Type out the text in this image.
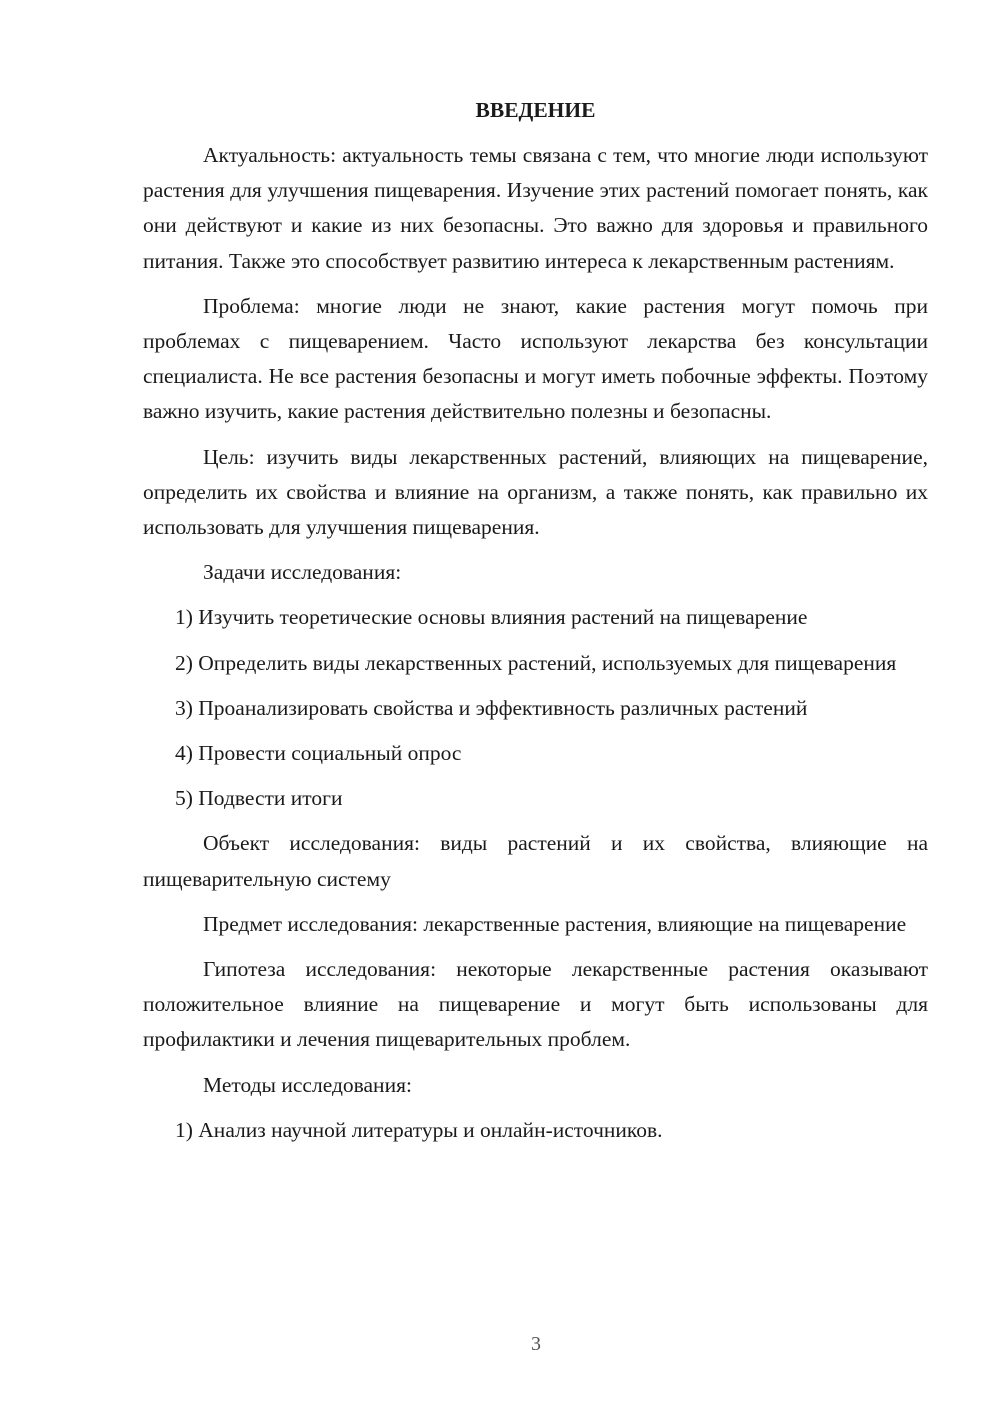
ВВЕДЕНИЕ

Актуальность: актуальность темы связана с тем, что многие люди используют растения для улучшения пищеварения. Изучение этих растений помогает понять, как они действуют и какие из них безопасны. Это важно для здоровья и правильного питания. Также это способствует развитию интереса к лекарственным растениям.

Проблема: многие люди не знают, какие растения могут помочь при проблемах с пищеварением. Часто используют лекарства без консультации специалиста. Не все растения безопасны и могут иметь побочные эффекты. Поэтому важно изучить, какие растения действительно полезны и безопасны.

Цель: изучить виды лекарственных растений, влияющих на пищеварение, определить их свойства и влияние на организм, а также понять, как правильно их использовать для улучшения пищеварения.

Задачи исследования:

1) Изучить теоретические основы влияния растений на пищеварение

2) Определить виды лекарственных растений, используемых для пищеварения

3) Проанализировать свойства и эффективность различных растений

4) Провести социальный опрос

5) Подвести итоги

Объект исследования: виды растений и их свойства, влияющие на пищеварительную систему

Предмет исследования: лекарственные растения, влияющие на пищеварение

Гипотеза исследования: некоторые лекарственные растения оказывают положительное влияние на пищеварение и могут быть использованы для профилактики и лечения пищеварительных проблем.

Методы исследования:

1) Анализ научной литературы и онлайн-источников.

3
